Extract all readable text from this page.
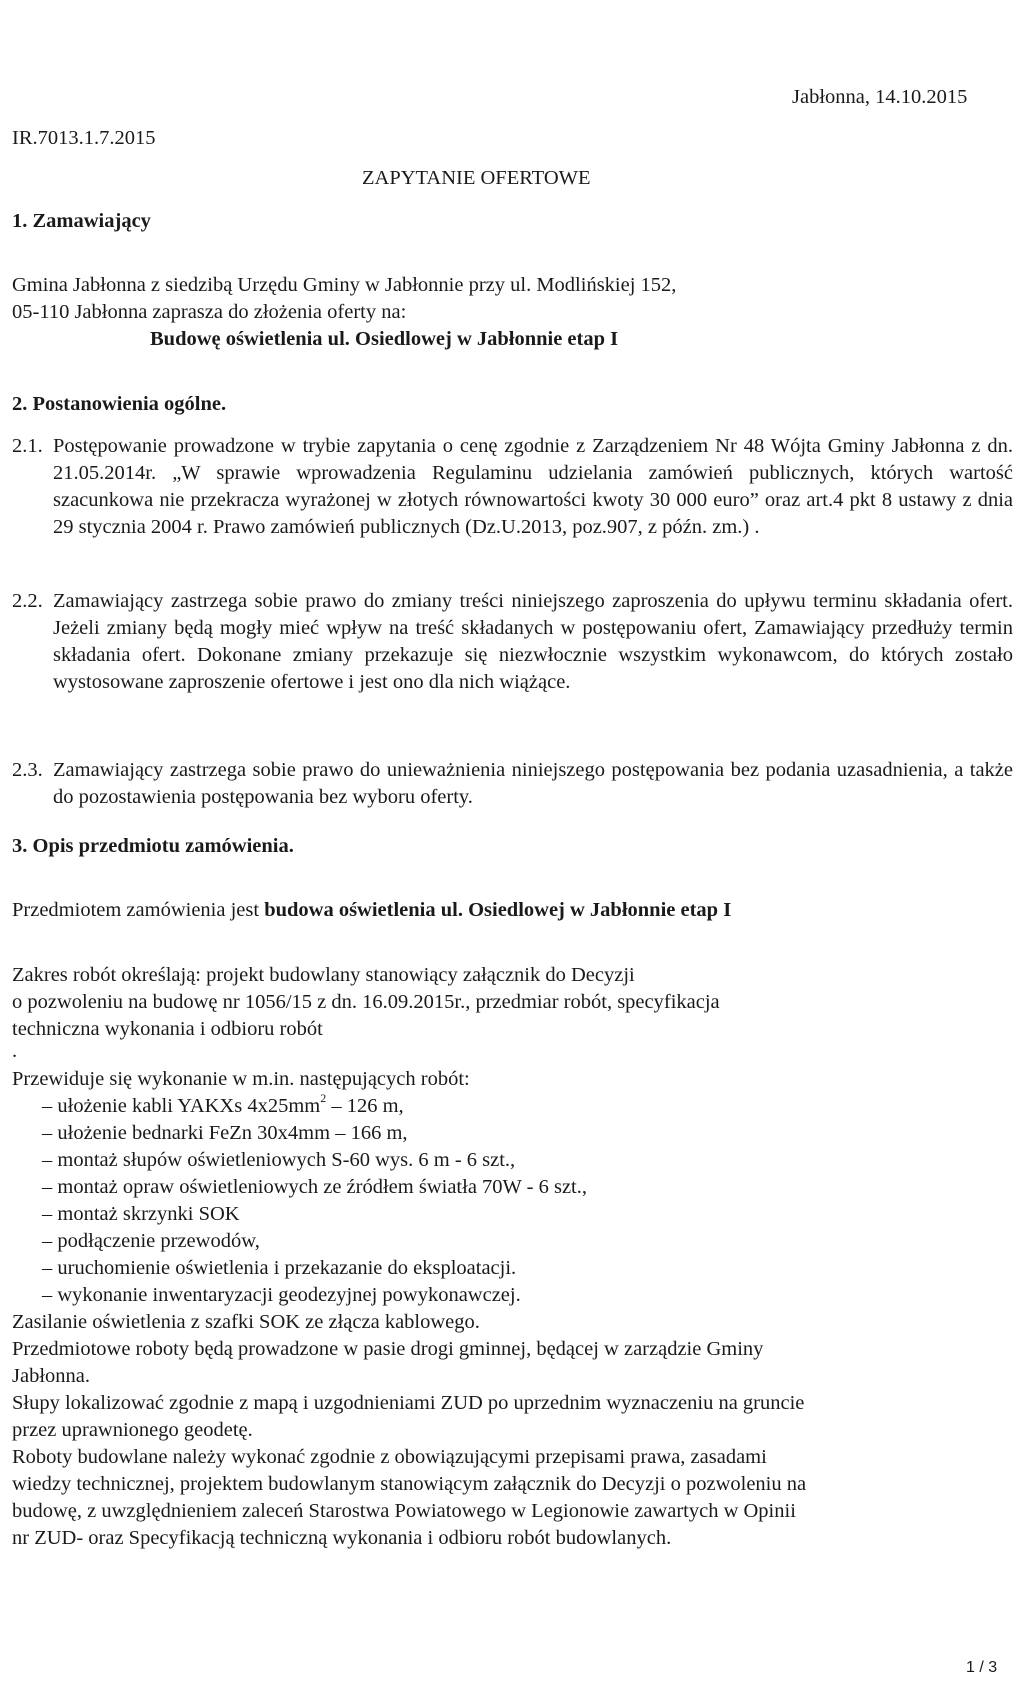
Jabłonna, 14.10.2015
IR.7013.1.7.2015
ZAPYTANIE OFERTOWE
1. Zamawiający
Gmina Jabłonna z siedzibą Urzędu Gminy w Jabłonnie przy ul. Modlińskiej 152,
05-110 Jabłonna zaprasza do złożenia oferty na:
Budowę oświetlenia ul. Osiedlowej w Jabłonnie etap I
2. Postanowienia ogólne.
2.1. Postępowanie prowadzone w trybie zapytania o cenę zgodnie z Zarządzeniem Nr 48 Wójta Gminy Jabłonna z dn. 21.05.2014r. „W sprawie wprowadzenia Regulaminu udzielania zamówień publicznych, których wartość szacunkowa nie przekracza wyrażonej w złotych równowartości kwoty 30 000 euro” oraz art.4 pkt 8 ustawy z dnia 29 stycznia 2004 r. Prawo zamówień publicznych (Dz.U.2013, poz.907, z późn. zm.) .
2.2. Zamawiający zastrzega sobie prawo do zmiany treści niniejszego zaproszenia do upływu terminu składania ofert. Jeżeli zmiany będą mogły mieć wpływ na treść składanych w postępowaniu ofert, Zamawiający przedłuży termin składania ofert. Dokonane zmiany przekazuje się niezwłocznie wszystkim wykonawcom, do których zostało wystosowane zaproszenie ofertowe i jest ono dla nich wiążące.
2.3. Zamawiający zastrzega sobie prawo do unieważnienia niniejszego postępowania bez podania uzasadnienia, a także do pozostawienia postępowania bez wyboru oferty.
3. Opis przedmiotu zamówienia.
Przedmiotem zamówienia jest budowa oświetlenia ul. Osiedlowej w Jabłonnie etap I
Zakres robót określają: projekt budowlany stanowiący załącznik do Decyzji
o pozwoleniu na budowę nr 1056/15 z dn. 16.09.2015r., przedmiar robót, specyfikacja
techniczna wykonania i odbioru robót
.
Przewiduje się wykonanie w m.in. następujących robót:
– ułożenie kabli YAKXs $4x25mm^2 - 126$ m,
– ułożenie bednarki FeZn 30x4mm – 166 m,
– montaż słupów oświetleniowych S-60 wys. 6 m - 6 szt.,
– montaż opraw oświetleniowych ze źródłem światła 70W - 6 szt.,
– montaż skrzynki SOK
– podłączenie przewodów,
– uruchomienie oświetlenia i przekazanie do eksploatacji.
– wykonanie inwentaryzacji geodezyjnej powykonawczej.
Zasilanie oświetlenia z szafki SOK ze złącza kablowego.
Przedmiotowe roboty będą prowadzone w pasie drogi gminnej, będącej w zarządzie Gminy
Jabłonna.
Słupy lokalizować zgodnie z mapą i uzgodnieniami ZUD po uprzednim wyznaczeniu na gruncie
przez uprawnionego geodetę.
Roboty budowlane należy wykonać zgodnie z obowiązującymi przepisami prawa, zasadami
wiedzy technicznej, projektem budowlanym stanowiącym załącznik do Decyzji o pozwoleniu na
budowę, z uwzględnieniem zaleceń Starostwa Powiatowego w Legionowie zawartych w Opinii
nr ZUD- oraz Specyfikacją techniczną wykonania i odbioru robót budowlanych.
1 / 3
